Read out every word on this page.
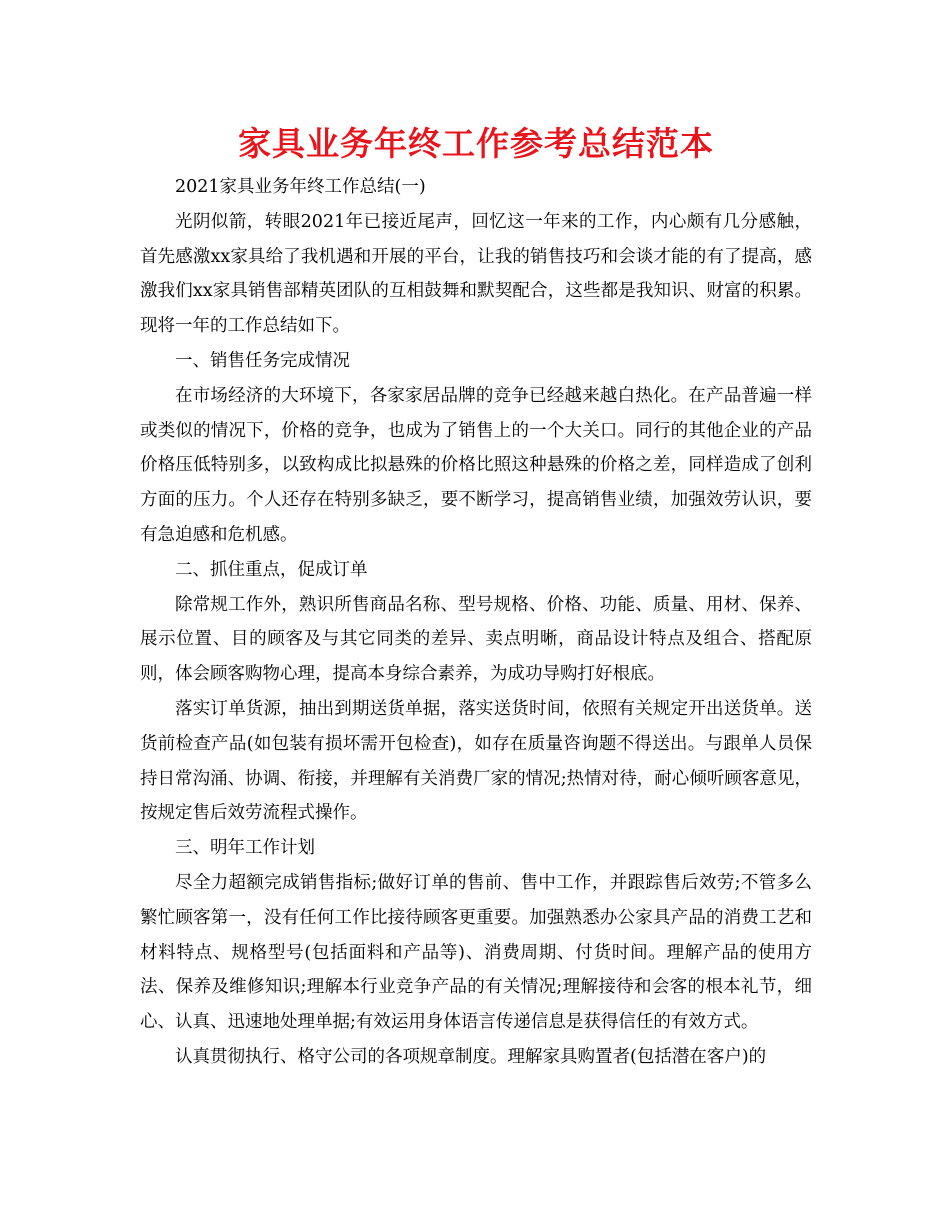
家具业务年终工作参考总结范本

2021家具业务年终工作总结(一)

光阴似箭，转眼2021年已接近尾声，回忆这一年来的工作，内心颇有几分感触，首先感激xx家具给了我机遇和开展的平台，让我的销售技巧和会谈才能的有了提高，感激我们xx家具销售部精英团队的互相鼓舞和默契配合，这些都是我知识、财富的积累。现将一年的工作总结如下。

一、销售任务完成情况

在市场经济的大环境下，各家家居品牌的竞争已经越来越白热化。在产品普遍一样或类似的情况下，价格的竞争，也成为了销售上的一个大关口。同行的其他企业的产品价格压低特别多，以致构成比拟悬殊的价格比照这种悬殊的价格之差，同样造成了创利方面的压力。个人还存在特别多缺乏，要不断学习，提高销售业绩，加强效劳认识，要有急迫感和危机感。

二、抓住重点，促成订单

除常规工作外，熟识所售商品名称、型号规格、价格、功能、质量、用材、保养、展示位置、目的顾客及与其它同类的差异、卖点明晰，商品设计特点及组合、搭配原则，体会顾客购物心理，提高本身综合素养，为成功导购打好根底。

落实订单货源，抽出到期送货单据，落实送货时间，依照有关规定开出送货单。送货前检查产品(如包装有损坏需开包检查)，如存在质量咨询题不得送出。与跟单人员保持日常沟涌、协调、衔接，并理解有关消费厂家的情况;热情对待，耐心倾听顾客意见，按规定售后效劳流程式操作。

三、明年工作计划

尽全力超额完成销售指标;做好订单的售前、售中工作，并跟踪售后效劳;不管多么繁忙顾客第一，没有任何工作比接待顾客更重要。加强熟悉办公家具产品的消费工艺和材料特点、规格型号(包括面料和产品等)、消费周期、付货时间。理解产品的使用方法、保养及维修知识;理解本行业竞争产品的有关情况;理解接待和会客的根本礼节，细心、认真、迅速地处理单据;有效运用身体语言传递信息是获得信任的有效方式。

认真贯彻执行、格守公司的各项规章制度。理解家具购置者(包括潜在客户)的
